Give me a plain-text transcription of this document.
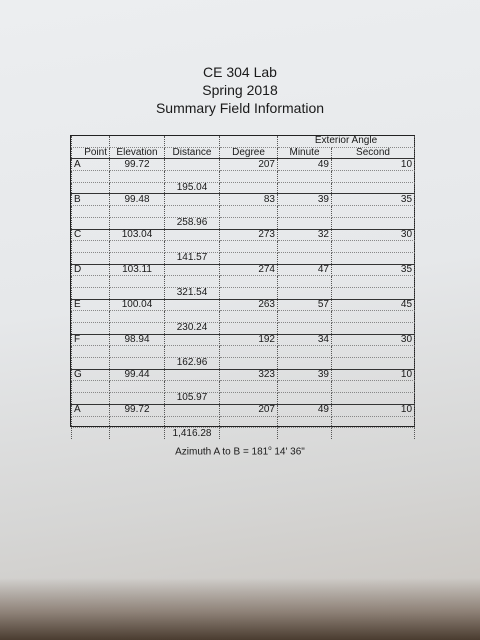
CE 304 Lab
Spring 2018
Summary Field Information
				Exterior Angle	
Point	Elevation	Distance	Degree	Minute	Second
A	99.72		207	49	10

		195.04			
B	99.48		83	39	35

		258.96			
C	103.04		273	32	30

		141.57			
D	103.11		274	47	35

		321.54			
E	100.04		263	57	45

		230.24			
F	98.94		192	34	30

		162.96			
G	99.44		323	39	10

		105.97			
A	99.72		207	49	10

		1,416.28			
Azimuth A to $B = 181^o$ 14' 36"
